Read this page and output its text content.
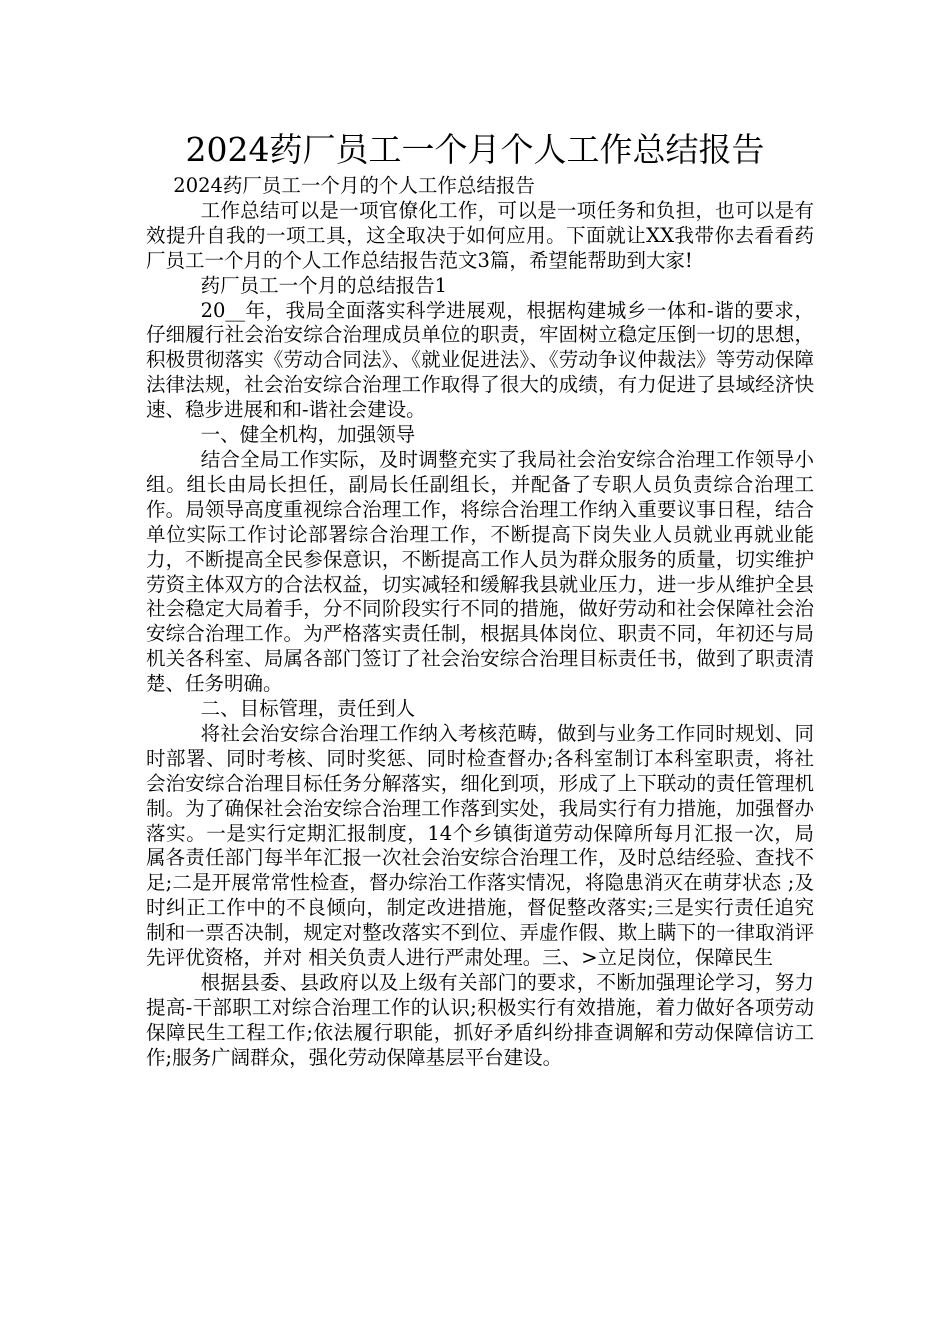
2024药厂员工一个月个人工作总结报告

2024药厂员工一个月的个人工作总结报告

工作总结可以是一项官僚化工作，可以是一项任务和负担，也可以是有效提升自我的一项工具，这全取决于如何应用。下面就让XX我带你去看看药厂员工一个月的个人工作总结报告范文3篇，希望能帮助到大家!

药厂员工一个月的总结报告1

20__年，我局全面落实科学进展观，根据构建城乡一体和-谐的要求，仔细履行社会治安综合治理成员单位的职责，牢固树立稳定压倒一切的思想，积极贯彻落实《劳动合同法》、《就业促进法》、《劳动争议仲裁法》等劳动保障法律法规，社会治安综合治理工作取得了很大的成绩，有力促进了县域经济快速、稳步进展和和-谐社会建设。

一、健全机构，加强领导

结合全局工作实际，及时调整充实了我局社会治安综合治理工作领导小组。组长由局长担任，副局长任副组长，并配备了专职人员负责综合治理工作。局领导高度重视综合治理工作，将综合治理工作纳入重要议事日程，结合单位实际工作讨论部署综合治理工作，不断提高下岗失业人员就业再就业能力，不断提高全民参保意识，不断提高工作人员为群众服务的质量，切实维护劳资主体双方的合法权益，切实减轻和缓解我县就业压力，进一步从维护全县社会稳定大局着手，分不同阶段实行不同的措施，做好劳动和社会保障社会治安综合治理工作。为严格落实责任制，根据具体岗位、职责不同，年初还与局机关各科室、局属各部门签订了社会治安综合治理目标责任书，做到了职责清楚、任务明确。

二、目标管理，责任到人

将社会治安综合治理工作纳入考核范畴，做到与业务工作同时规划、同时部署、同时考核、同时奖惩、同时检查督办;各科室制订本科室职责，将社会治安综合治理目标任务分解落实，细化到项，形成了上下联动的责任管理机制。为了确保社会治安综合治理工作落到实处，我局实行有力措施，加强督办落实。一是实行定期汇报制度，14个乡镇街道劳动保障所每月汇报一次，局属各责任部门每半年汇报一次社会治安综合治理工作，及时总结经验、查找不足;二是开展常常性检查，督办综治工作落实情况，将隐患消灭在萌芽状态 ;及时纠正工作中的不良倾向，制定改进措施，督促整改落实;三是实行责任追究制和一票否决制，规定对整改落实不到位、弄虚作假、欺上瞒下的一律取消评先评优资格，并对 相关负责人进行严肃处理。三、>立足岗位，保障民生

根据县委、县政府以及上级有关部门的要求，不断加强理论学习，努力提高-干部职工对综合治理工作的认识;积极实行有效措施，着力做好各项劳动保障民生工程工作;依法履行职能，抓好矛盾纠纷排查调解和劳动保障信访工作;服务广阔群众，强化劳动保障基层平台建设。
